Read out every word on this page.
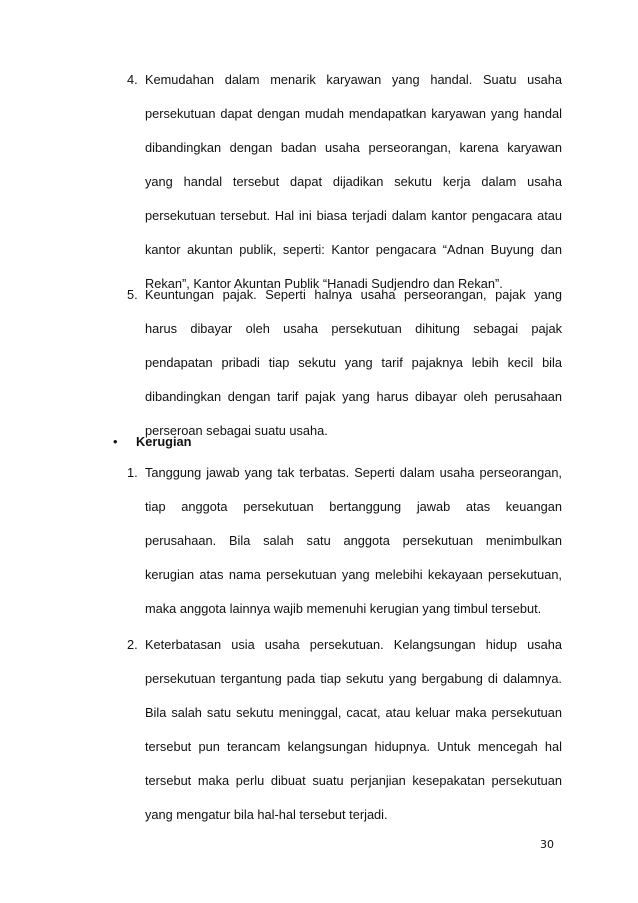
4. Kemudahan dalam menarik karyawan yang handal. Suatu usaha
persekutuan dapat dengan mudah mendapatkan karyawan yang handal
dibandingkan dengan badan usaha perseorangan, karena karyawan
yang handal tersebut dapat dijadikan sekutu kerja dalam usaha
persekutuan tersebut. Hal ini biasa terjadi dalam kantor pengacara atau
kantor akuntan publik, seperti: Kantor pengacara “Adnan Buyung dan
Rekan”, Kantor Akuntan Publik “Hanadi Sudjendro dan Rekan”.
5. Keuntungan pajak. Seperti halnya usaha perseorangan, pajak yang
harus dibayar oleh usaha persekutuan dihitung sebagai pajak
pendapatan pribadi tiap sekutu yang tarif pajaknya lebih kecil bila
dibandingkan dengan tarif pajak yang harus dibayar oleh perusahaan
perseroan sebagai suatu usaha.
• Kerugian
1. Tanggung jawab yang tak terbatas. Seperti dalam usaha perseorangan,
tiap anggota persekutuan bertanggung jawab atas keuangan
perusahaan. Bila salah satu anggota persekutuan menimbulkan
kerugian atas nama persekutuan yang melebihi kekayaan persekutuan,
maka anggota lainnya wajib memenuhi kerugian yang timbul tersebut.
2. Keterbatasan usia usaha persekutuan. Kelangsungan hidup usaha
persekutuan tergantung pada tiap sekutu yang bergabung di dalamnya.
Bila salah satu sekutu meninggal, cacat, atau keluar maka persekutuan
tersebut pun terancam kelangsungan hidupnya. Untuk mencegah hal
tersebut maka perlu dibuat suatu perjanjian kesepakatan persekutuan
yang mengatur bila hal-hal tersebut terjadi.
30
